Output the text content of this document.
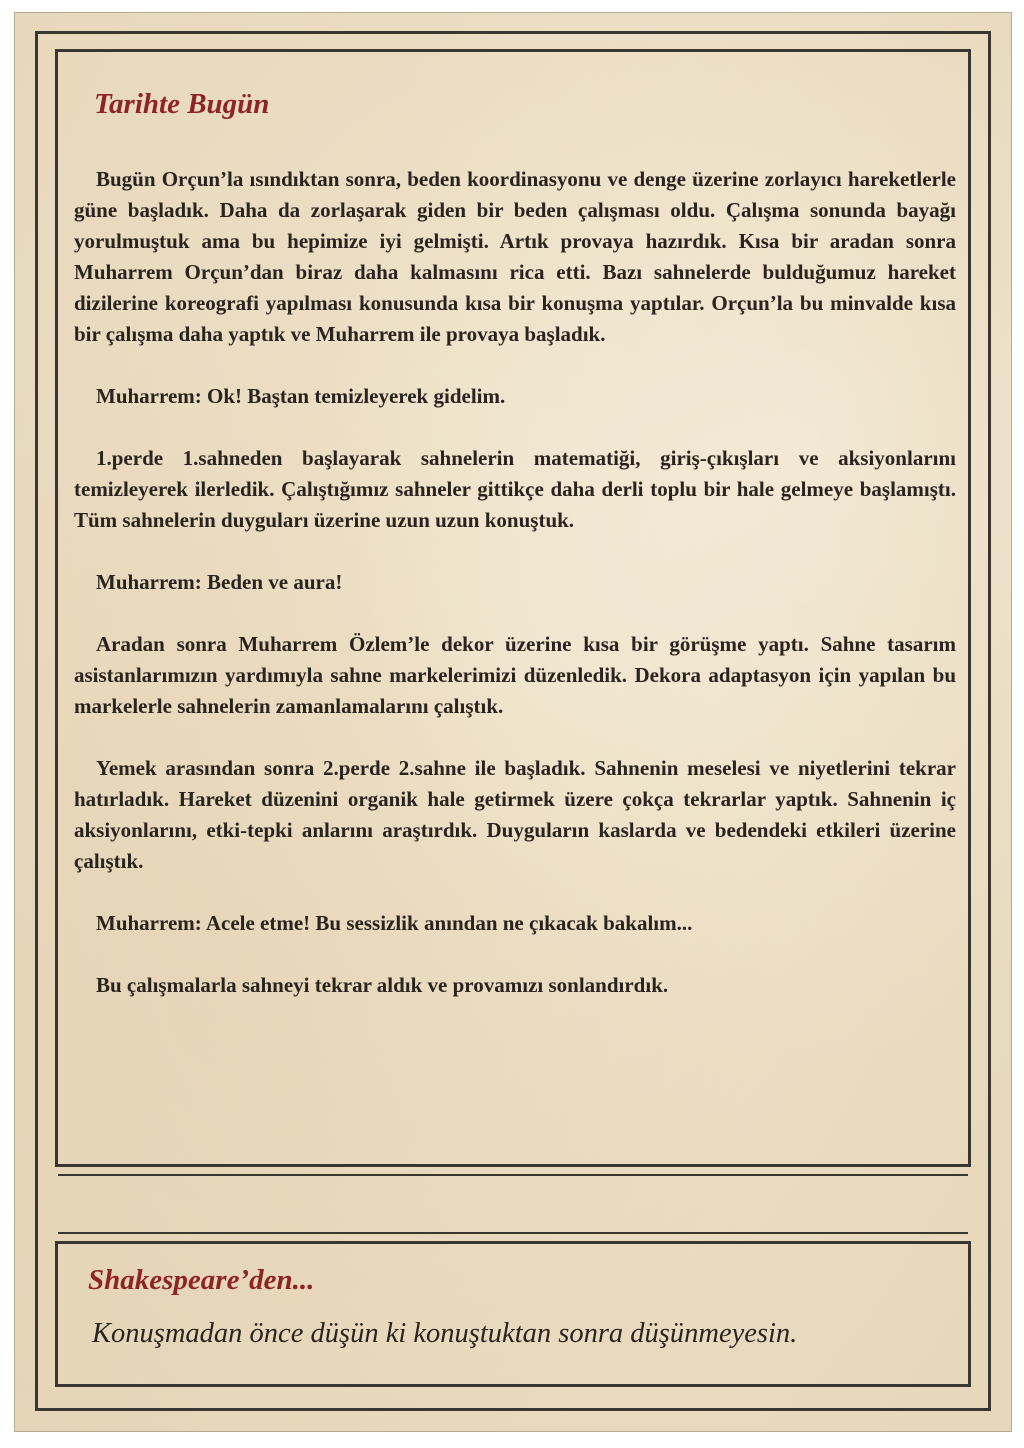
Tarihte Bugün

Bugün Orçun’la ısındıktan sonra, beden koordinasyonu ve denge üzerine zorlayıcı hareketlerle güne başladık. Daha da zorlaşarak giden bir beden çalışması oldu. Çalışma sonunda bayağı yorulmuştuk ama bu hepimize iyi gelmişti. Artık provaya hazırdık. Kısa bir aradan sonra Muharrem Orçun’dan biraz daha kalmasını rica etti. Bazı sahnelerde bulduğumuz hareket dizilerine koreografi yapılması konusunda kısa bir konuşma yaptılar. Orçun’la bu minvalde kısa bir çalışma daha yaptık ve Muharrem ile provaya başladık.

Muharrem: Ok! Baştan temizleyerek gidelim.

1.perde 1.sahneden başlayarak sahnelerin matematiği, giriş-çıkışları ve aksiyonlarını temizleyerek ilerledik. Çalıştığımız sahneler gittikçe daha derli toplu bir hale gelmeye başlamıştı. Tüm sahnelerin duyguları üzerine uzun uzun konuştuk.

Muharrem: Beden ve aura!

Aradan sonra Muharrem Özlem’le dekor üzerine kısa bir görüşme yaptı. Sahne tasarım asistanlarımızın yardımıyla sahne markelerimizi düzenledik. Dekora adaptasyon için yapılan bu markelerle sahnelerin zamanlamalarını çalıştık.

Yemek arasından sonra 2.perde 2.sahne ile başladık. Sahnenin meselesi ve niyetlerini tekrar hatırladık. Hareket düzenini organik hale getirmek üzere çokça tekrarlar yaptık. Sahnenin iç aksiyonlarını, etki-tepki anlarını araştırdık. Duyguların kaslarda ve bedendeki etkileri üzerine çalıştık.

Muharrem: Acele etme! Bu sessizlik anından ne çıkacak bakalım...

Bu çalışmalarla sahneyi tekrar aldık ve provamızı sonlandırdık.

Shakespeare’den...

Konuşmadan önce düşün ki konuştuktan sonra düşünmeyesin.
